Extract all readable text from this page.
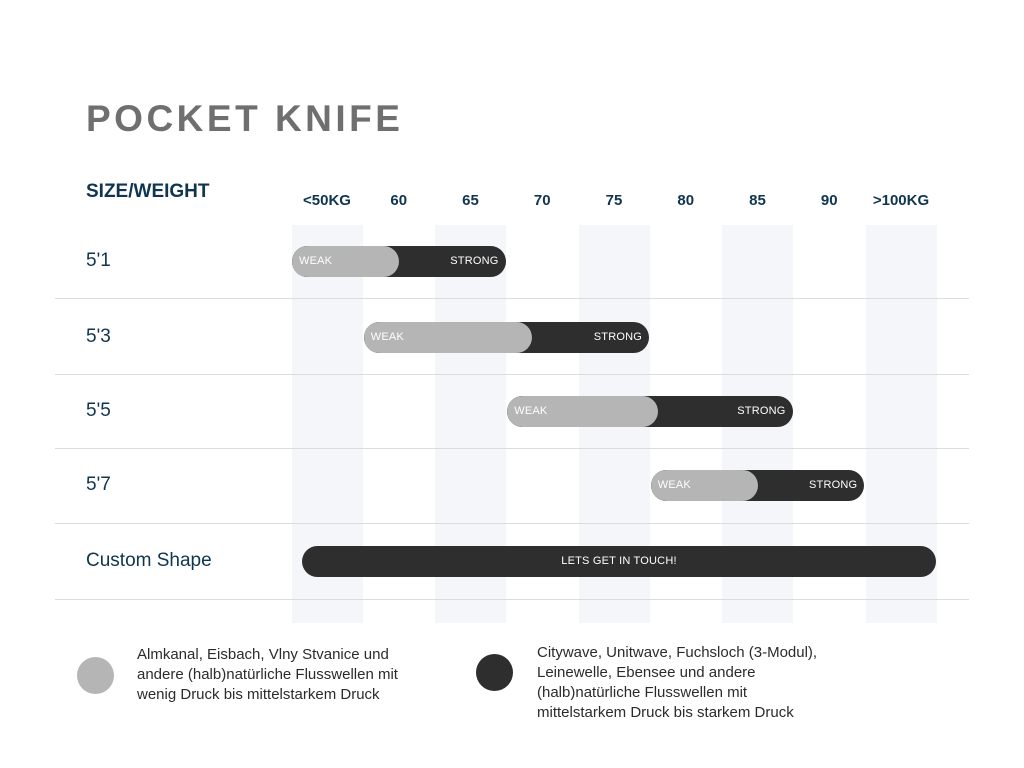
POCKET KNIFE
SIZE/WEIGHT	<50KG	60	65	70	75	80	85	90	>100KG
5'1	WEAK	STRONG
5'3	WEAK	STRONG
5'5	WEAK	STRONG
5'7	WEAK	STRONG
Custom Shape	LETS GET IN TOUCH!
Almkanal, Eisbach, Vlny Stvanice und
andere (halb)natürliche Flusswellen mit
wenig Druck bis mittelstarkem Druck
Citywave, Unitwave, Fuchsloch (3-Modul),
Leinewelle, Ebensee und andere
(halb)natürliche Flusswellen mit
mittelstarkem Druck bis starkem Druck
